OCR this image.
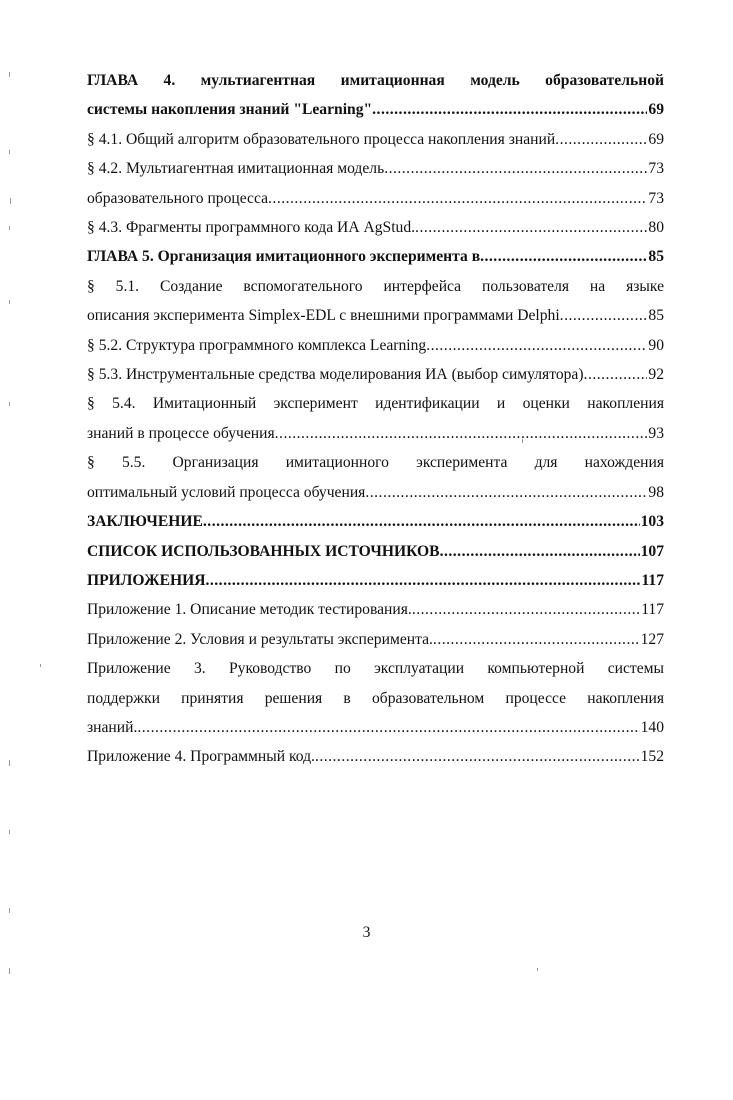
ГЛАВА 4. мультиагентная имитационная модель образовательной
системы накопления знаний "Learning" .....	69
§ 4.1. Общий алгоритм образовательного процесса накопления знаний .....	69
§ 4.2. Мультиагентная имитационная модель .....	73
образовательного процесса .....	73
§ 4.3. Фрагменты программного кода ИА AgStud. .....	80
ГЛАВА 5. Организация имитационного эксперимента в .....	85
§ 5.1. Создание вспомогательного интерфейса пользователя на языке
описания эксперимента Simplex-EDL с внешними программами Delphi .....	85
§ 5.2. Структура программного комплекса Learning .....	90
§ 5.3. Инструментальные средства моделирования ИА (выбор симулятора) .....	92
§ 5.4. Имитационный эксперимент идентификации и оценки накопления
знаний в процессе обучения .....	93
§ 5.5. Организация имитационного эксперимента для нахождения
оптимальный условий процесса обучения .....	98
ЗАКЛЮЧЕНИЕ .....	103
СПИСОК ИСПОЛЬЗОВАННЫХ ИСТОЧНИКОВ .....	107
ПРИЛОЖЕНИЯ .....	117
Приложение 1. Описание методик тестирования. .....	117
Приложение 2. Условия и результаты эксперимента. .....	127
Приложение 3. Руководство по эксплуатации компьютерной системы
поддержки принятия решения в образовательном процессе накопления
знаний. .....	140
Приложение 4. Программный код. .....	152
3
